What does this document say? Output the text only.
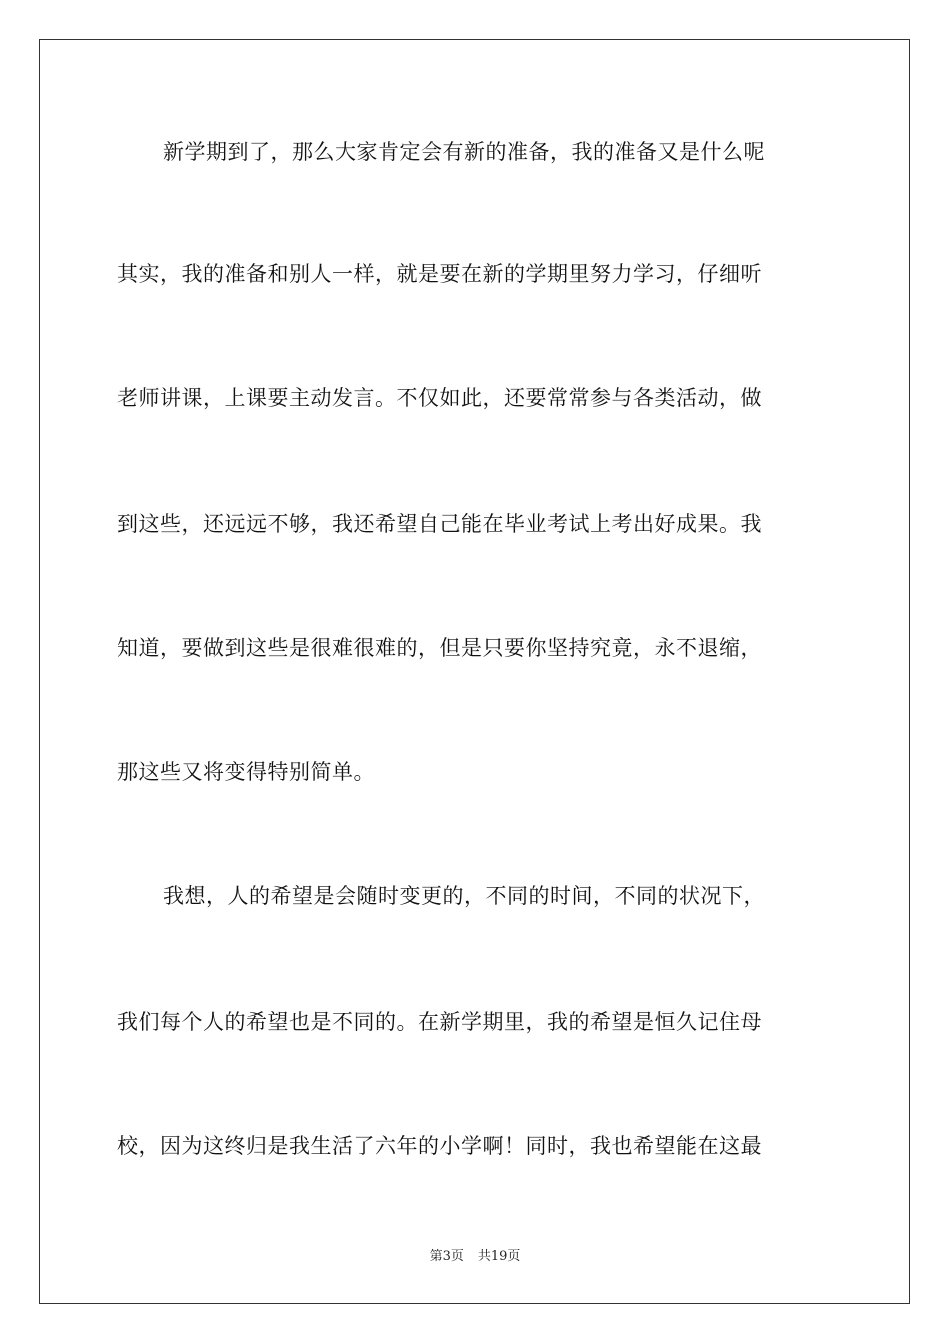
新学期到了，那么大家肯定会有新的准备，我的准备又是什么呢
其实，我的准备和别人一样，就是要在新的学期里努力学习，仔细听
老师讲课，上课要主动发言。不仅如此，还要常常参与各类活动，做
到这些，还远远不够，我还希望自己能在毕业考试上考出好成果。我
知道，要做到这些是很难很难的，但是只要你坚持究竟，永不退缩，
那这些又将变得特别简单。
我想，人的希望是会随时变更的，不同的时间，不同的状况下，
我们每个人的希望也是不同的。在新学期里，我的希望是恒久记住母
校，因为这终归是我生活了六年的小学啊！同时，我也希望能在这最
第3页 共19页
